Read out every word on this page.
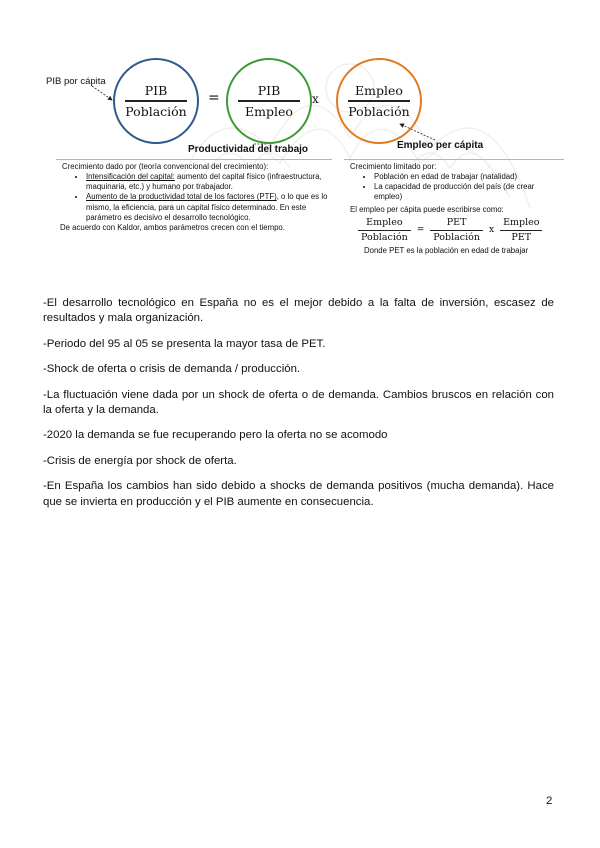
PIB por cápita
PIB
Población
=	PIB
Empleo
x
Empleo
Población
Productividad del trabajo	Empleo per cápita
Crecimiento dado por (teoría convencional del crecimiento):
• Intensificación del capital: aumento del capital físico (infraestructura, maquinaria, etc.) y humano por trabajador.
• Aumento de la productividad total de los factores (PTF), o lo que es lo mismo, la eficiencia, para un capital físico determinado. En este parámetro es decisivo el desarrollo tecnológico.
De acuerdo con Kaldor, ambos parámetros crecen con el tiempo.
Crecimiento limitado por:
• Población en edad de trabajar (natalidad)
• La capacidad de producción del país (de crear empleo)
El empleo per cápita puede escribirse como:
$\frac{\text{Empleo}}{\text{Población}} = \frac{\text{PET}}{\text{Población}}$ x $\frac{\text{Empleo}}{\text{PET}}$
Donde PET es la población en edad de trabajar

-El desarrollo tecnológico en España no es el mejor debido a la falta de inversión, escasez de resultados y mala organización.

-Periodo del 95 al 05 se presenta la mayor tasa de PET.

-Shock de oferta o crisis de demanda / producción.

-La fluctuación viene dada por un shock de oferta o de demanda. Cambios bruscos en relación con la oferta y la demanda.

-2020 la demanda se fue recuperando pero la oferta no se acomodo

-Crisis de energía por shock de oferta.

-En España los cambios han sido debido a shocks de demanda positivos (mucha demanda). Hace que se invierta en producción y el PIB aumente en consecuencia.

2
